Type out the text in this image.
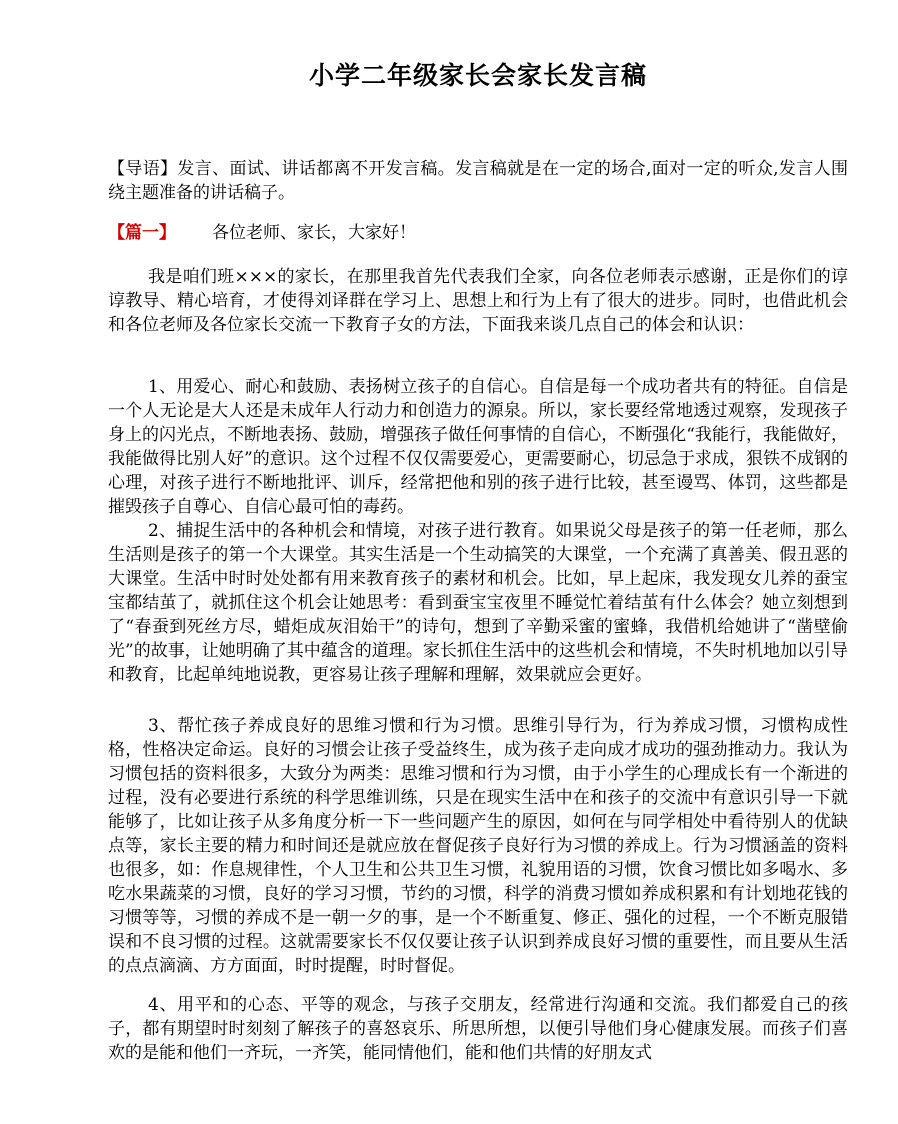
小学二年级家长会家长发言稿

【导语】发言、面试、讲话都离不开发言稿。发言稿就是在一定的场合,面对一定的听众,发言人围绕主题准备的讲话稿子。

【篇一】 各位老师、家长，大家好！

我是咱们班×××的家长，在那里我首先代表我们全家，向各位老师表示感谢，正是你们的谆谆教导、精心培育，才使得刘译群在学习上、思想上和行为上有了很大的进步。同时，也借此机会和各位老师及各位家长交流一下教育子女的方法，下面我来谈几点自己的体会和认识：

1、用爱心、耐心和鼓励、表扬树立孩子的自信心。自信是每一个成功者共有的特征。自信是一个人无论是大人还是未成年人行动力和创造力的源泉。所以，家长要经常地透过观察，发现孩子身上的闪光点，不断地表扬、鼓励，增强孩子做任何事情的自信心，不断强化“我能行，我能做好，我能做得比别人好”的意识。这个过程不仅仅需要爱心，更需要耐心，切忌急于求成，狠铁不成钢的心理，对孩子进行不断地批评、训斥，经常把他和别的孩子进行比较，甚至谩骂、体罚，这些都是摧毁孩子自尊心、自信心最可怕的毒药。

2、捕捉生活中的各种机会和情境，对孩子进行教育。如果说父母是孩子的第一任老师，那么生活则是孩子的第一个大课堂。其实生活是一个生动搞笑的大课堂，一个充满了真善美、假丑恶的大课堂。生活中时时处处都有用来教育孩子的素材和机会。比如，早上起床，我发现女儿养的蚕宝宝都结茧了，就抓住这个机会让她思考：看到蚕宝宝夜里不睡觉忙着结茧有什么体会？她立刻想到了“春蚕到死丝方尽，蜡炬成灰泪始干”的诗句，想到了辛勤采蜜的蜜蜂，我借机给她讲了“凿壁偷光”的故事，让她明确了其中蕴含的道理。家长抓住生活中的这些机会和情境，不失时机地加以引导和教育，比起单纯地说教，更容易让孩子理解和理解，效果就应会更好。

3、帮忙孩子养成良好的思维习惯和行为习惯。思维引导行为，行为养成习惯，习惯构成性格，性格决定命运。良好的习惯会让孩子受益终生，成为孩子走向成才成功的强劲推动力。我认为习惯包括的资料很多，大致分为两类：思维习惯和行为习惯，由于小学生的心理成长有一个渐进的过程，没有必要进行系统的科学思维训练，只是在现实生活中在和孩子的交流中有意识引导一下就能够了，比如让孩子从多角度分析一下一些问题产生的原因，如何在与同学相处中看待别人的优缺点等，家长主要的精力和时间还是就应放在督促孩子良好行为习惯的养成上。行为习惯涵盖的资料也很多，如：作息规律性，个人卫生和公共卫生习惯，礼貌用语的习惯，饮食习惯比如多喝水、多吃水果蔬菜的习惯，良好的学习习惯，节约的习惯，科学的消费习惯如养成积累和有计划地花钱的习惯等等，习惯的养成不是一朝一夕的事，是一个不断重复、修正、强化的过程，一个不断克服错误和不良习惯的过程。这就需要家长不仅仅要让孩子认识到养成良好习惯的重要性，而且要从生活的点点滴滴、方方面面，时时提醒，时时督促。

4、用平和的心态、平等的观念，与孩子交朋友，经常进行沟通和交流。我们都爱自己的孩子，都有期望时时刻刻了解孩子的喜怒哀乐、所思所想，以便引导他们身心健康发展。而孩子们喜欢的是能和他们一齐玩，一齐笑，能同情他们，能和他们共情的好朋友式
